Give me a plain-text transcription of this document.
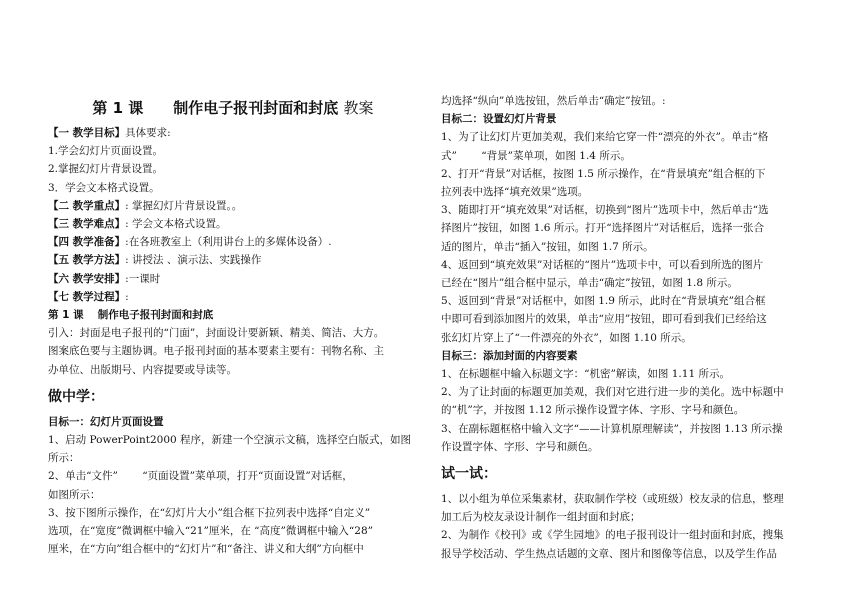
第 1 课　　制作电子报刊封面和封底 教案
【一 教学目标】具体要求:
1.学会幻灯片页面设置。
2.掌握幻灯片背景设置。
3．学会文本格式设置。
【二 教学重点】: 掌握幻灯片背景设置。。
【三 教学难点】: 学会文本格式设置。
【四 教学准备】:在各班教室上（利用讲台上的多媒体设备）.
【五 教学方法】: 讲授法 、演示法、实践操作
【六 教学安排】:一课时
【七 教学过程】:
第 1 课　 制作电子报刊封面和封底
引入：封面是电子报刊的“门面”，封面设计要新颖、精美、简洁、大方。
图案底色要与主题协调。电子报刊封面的基本要素主要有：刊物名称、主
办单位、出版期号、内容提要或导读等。
做中学：
目标一：幻灯片页面设置
1、启动 PowerPoint2000 程序，新建一个空演示文稿，选择空白版式，如图
所示：
2、单击“文件”　　 “页面设置”菜单项，打开“页面设置”对话框，
如图所示：
3、按下图所示操作，在“幻灯片大小”组合框下拉列表中选择“自定义”
选项，在“宽度”微调框中输入“21”厘米，在 “高度”微调框中输入“28”
厘米，在“方向”组合框中的“幻灯片”和“备注、讲义和大纲”方向框中
均选择“纵向”单选按钮，然后单击“确定”按钮。:
目标二：设置幻灯片背景
1、为了让幻灯片更加美观，我们来给它穿一件“漂亮的外衣”。单击“格
式”　　 “背景”菜单项，如图 1.4 所示。
2、打开“背景”对话框，按图 1.5 所示操作，在“背景填充”组合框的下
拉列表中选择“填充效果”选项。
3、随即打开“填充效果”对话框，切换到“图片”选项卡中，然后单击“选
择图片”按钮，如图 1.6 所示。打开“选择图片”对话框后，选择一张合
适的图片，单击“插入”按钮，如图 1.7 所示。
4、返回到“填充效果”对话框的“图片”选项卡中，可以看到所选的图片
已经在“图片”组合框中显示，单击“确定”按钮，如图 1.8 所示。
5、返回到“背景”对话框中，如图 1.9 所示，此时在“背景填充”组合框
中即可看到添加图片的效果，单击“应用”按钮，即可看到我们已经给这
张幻灯片穿上了“一件漂亮的外衣”，如图 1.10 所示。
目标三：添加封面的内容要素
1、在标题框中输入标题文字：“机密”解读，如图 1.11 所示。
2、为了让封面的标题更加美观，我们对它进行进一步的美化。选中标题中
的“机”字，并按图 1.12 所示操作设置字体、字形、字号和颜色。
3、在副标题框格中输入文字“——计算机原理解读”，并按图 1.13 所示操
作设置字体、字形、字号和颜色。
试一试：
1、以小组为单位采集素材，获取制作学校（或班级）校友录的信息，整理
加工后为校友录设计制作一组封面和封底；
2、为制作《校刊》或《学生园地》的电子报刊设计一组封面和封底，搜集
报导学校活动、学生热点话题的文章、图片和图像等信息，以及学生作品
